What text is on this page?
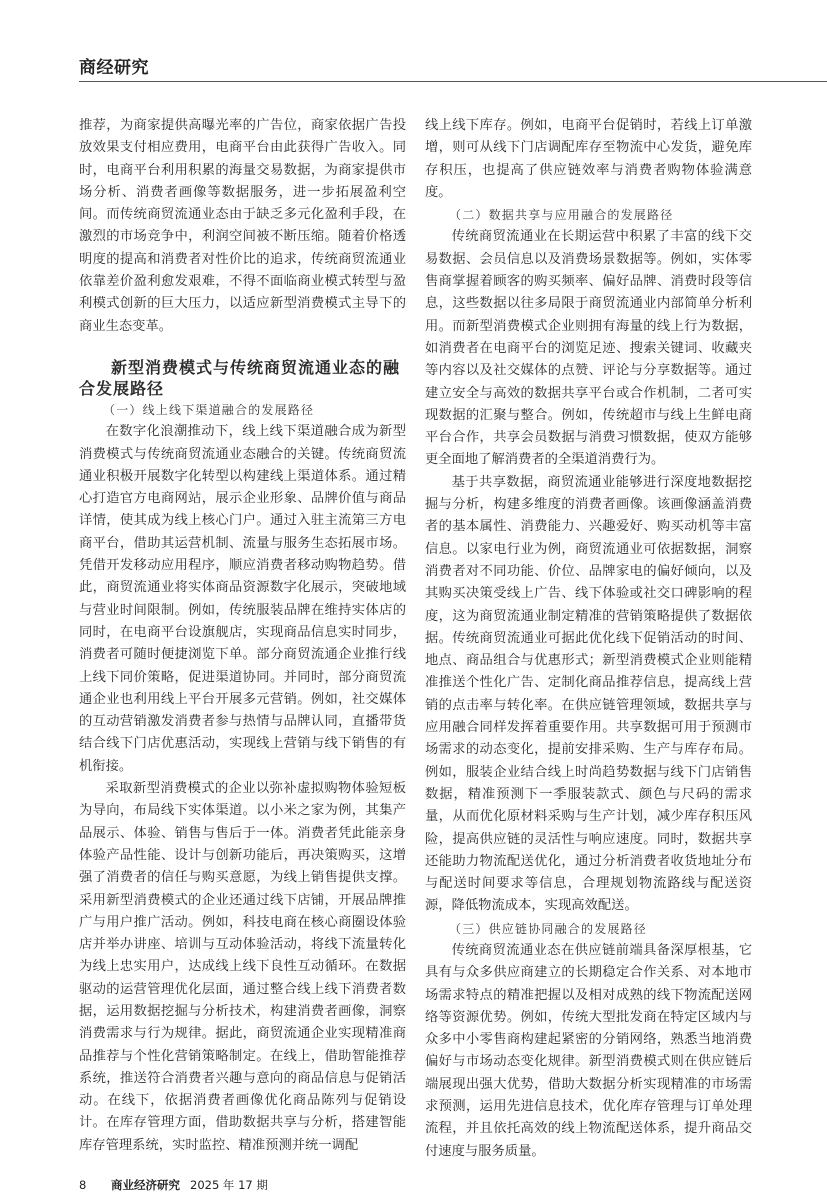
商经研究

推荐，为商家提供高曝光率的广告位，商家依据广告投放效果支付相应费用，电商平台由此获得广告收入。同时，电商平台利用积累的海量交易数据，为商家提供市场分析、消费者画像等数据服务，进一步拓展盈利空间。而传统商贸流通业态由于缺乏多元化盈利手段，在激烈的市场竞争中，利润空间被不断压缩。随着价格透明度的提高和消费者对性价比的追求，传统商贸流通业依靠差价盈利愈发艰难，不得不面临商业模式转型与盈利模式创新的巨大压力，以适应新型消费模式主导下的商业生态变革。

新型消费模式与传统商贸流通业态的融合发展路径
（一）线上线下渠道融合的发展路径

在数字化浪潮推动下，线上线下渠道融合成为新型消费模式与传统商贸流通业态融合的关键。传统商贸流通业积极开展数字化转型以构建线上渠道体系。通过精心打造官方电商网站，展示企业形象、品牌价值与商品详情，使其成为线上核心门户。通过入驻主流第三方电商平台，借助其运营机制、流量与服务生态拓展市场。凭借开发移动应用程序，顺应消费者移动购物趋势。借此，商贸流通业将实体商品资源数字化展示，突破地域与营业时间限制。例如，传统服装品牌在维持实体店的同时，在电商平台设旗舰店，实现商品信息实时同步，消费者可随时便捷浏览下单。部分商贸流通企业推行线上线下同价策略，促进渠道协同。并同时，部分商贸流通企业也利用线上平台开展多元营销。例如，社交媒体的互动营销激发消费者参与热情与品牌认同，直播带货结合线下门店优惠活动，实现线上营销与线下销售的有机衔接。

采取新型消费模式的企业以弥补虚拟购物体验短板为导向，布局线下实体渠道。以小米之家为例，其集产品展示、体验、销售与售后于一体。消费者凭此能亲身体验产品性能、设计与创新功能后，再决策购买，这增强了消费者的信任与购买意愿，为线上销售提供支撑。采用新型消费模式的企业还通过线下店铺，开展品牌推广与用户推广活动。例如，科技电商在核心商圈设体验店并举办讲座、培训与互动体验活动，将线下流量转化为线上忠实用户，达成线上线下良性互动循环。在数据驱动的运营管理优化层面，通过整合线上线下消费者数据，运用数据挖掘与分析技术，构建消费者画像，洞察消费需求与行为规律。据此，商贸流通企业实现精准商品推荐与个性化营销策略制定。在线上，借助智能推荐系统，推送符合消费者兴趣与意向的商品信息与促销活动。在线下，依据消费者画像优化商品陈列与促销设计。在库存管理方面，借助数据共享与分析，搭建智能库存管理系统，实时监控、精准预测并统一调配

线上线下库存。例如，电商平台促销时，若线上订单激增，则可从线下门店调配库存至物流中心发货，避免库存积压，也提高了供应链效率与消费者购物体验满意度。

（二）数据共享与应用融合的发展路径

传统商贸流通业在长期运营中积累了丰富的线下交易数据、会员信息以及消费场景数据等。例如，实体零售商掌握着顾客的购买频率、偏好品牌、消费时段等信息，这些数据以往多局限于商贸流通业内部简单分析利用。而新型消费模式企业则拥有海量的线上行为数据，如消费者在电商平台的浏览足迹、搜索关键词、收藏夹等内容以及社交媒体的点赞、评论与分享数据等。通过建立安全与高效的数据共享平台或合作机制，二者可实现数据的汇聚与整合。例如，传统超市与线上生鲜电商平台合作，共享会员数据与消费习惯数据，使双方能够更全面地了解消费者的全渠道消费行为。

基于共享数据，商贸流通业能够进行深度地数据挖掘与分析，构建多维度的消费者画像。该画像涵盖消费者的基本属性、消费能力、兴趣爱好、购买动机等丰富信息。以家电行业为例，商贸流通业可依据数据，洞察消费者对不同功能、价位、品牌家电的偏好倾向，以及其购买决策受线上广告、线下体验或社交口碑影响的程度，这为商贸流通业制定精准的营销策略提供了数据依据。传统商贸流通业可据此优化线下促销活动的时间、地点、商品组合与优惠形式；新型消费模式企业则能精准推送个性化广告、定制化商品推荐信息，提高线上营销的点击率与转化率。在供应链管理领域，数据共享与应用融合同样发挥着重要作用。共享数据可用于预测市场需求的动态变化，提前安排采购、生产与库存布局。例如，服装企业结合线上时尚趋势数据与线下门店销售数据，精准预测下一季服装款式、颜色与尺码的需求量，从而优化原材料采购与生产计划，减少库存积压风险，提高供应链的灵活性与响应速度。同时，数据共享还能助力物流配送优化，通过分析消费者收货地址分布与配送时间要求等信息，合理规划物流路线与配送资源，降低物流成本，实现高效配送。

（三）供应链协同融合的发展路径

传统商贸流通业态在供应链前端具备深厚根基，它具有与众多供应商建立的长期稳定合作关系、对本地市场需求特点的精准把握以及相对成熟的线下物流配送网络等资源优势。例如，传统大型批发商在特定区域内与众多中小零售商构建起紧密的分销网络，熟悉当地消费偏好与市场动态变化规律。新型消费模式则在供应链后端展现出强大优势，借助大数据分析实现精准的市场需求预测，运用先进信息技术，优化库存管理与订单处理流程，并且依托高效的线上物流配送体系，提升商品交付速度与服务质量。

8	商业经济研究 2025 年 17 期
